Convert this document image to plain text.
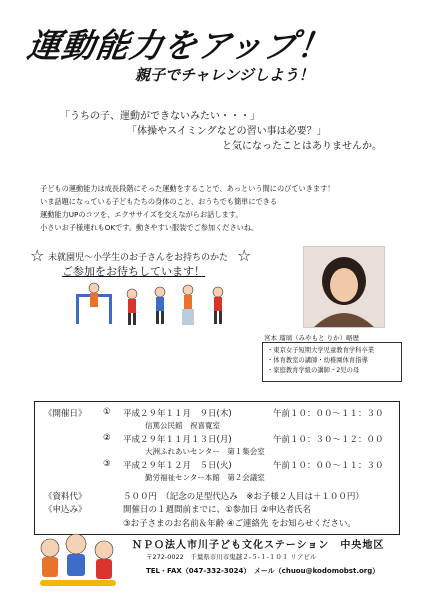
運動能力をアップ！
親子でチャレンジしよう！
「うちの子、運動ができないみたい・・・」
「体操やスイミングなどの習い事は必要？」
と気になったことはありませんか。
子どもの運動能力は成長段階にそった運動をすることで、あっという間にのびていきます！
いま話題になっている子どもたちの身体のこと、おうちでも簡単にできる
運動能力UPのコツを、エクササイズを交えながらお話します。
小さいお子様連れもOKです。動きやすい服装でご参加くださいね。
☆ 未就園児～小学生のお子さんをお持ちのかた ☆
ご参加をお待ちしています！
宮本 瑠璃（みやもと りか）略歴
・東京女子短期大学児童教育学科卒業
・体育教室の講師・幼稚園体育指導
・家庭教育学級の講師・2児の母
《開催日》 ① 平成２９年１１月　９日(木)	午前１０：００～１１：３０
信篤公民館　祝喜寛室
② 平成２９年１１月１３日(月)	午前１０：３０～１２：００
大洲ふれあいセンター　第１集会室
③ 平成２９年１２月　５日(火)	午前１０：００～１１：３０
勤労福祉センター本館　第２会議室
《資料代》	５００円　（記念の足型代込み　※お子様２人目は＋１００円）
《申込み》	開催日の１週間前までに、①参加日 ②申込者氏名
③お子さまのお名前＆年齢 ④ご連絡先 をお知らせください。
ＮＰＯ法人市川子ども文化ステーション　中央地区
〒272-0022　千葉県市川市鬼越２-５-１-１０１ リアビル
TEL・FAX（047-332-3024）　メール（chuou@kodomobst.org）
